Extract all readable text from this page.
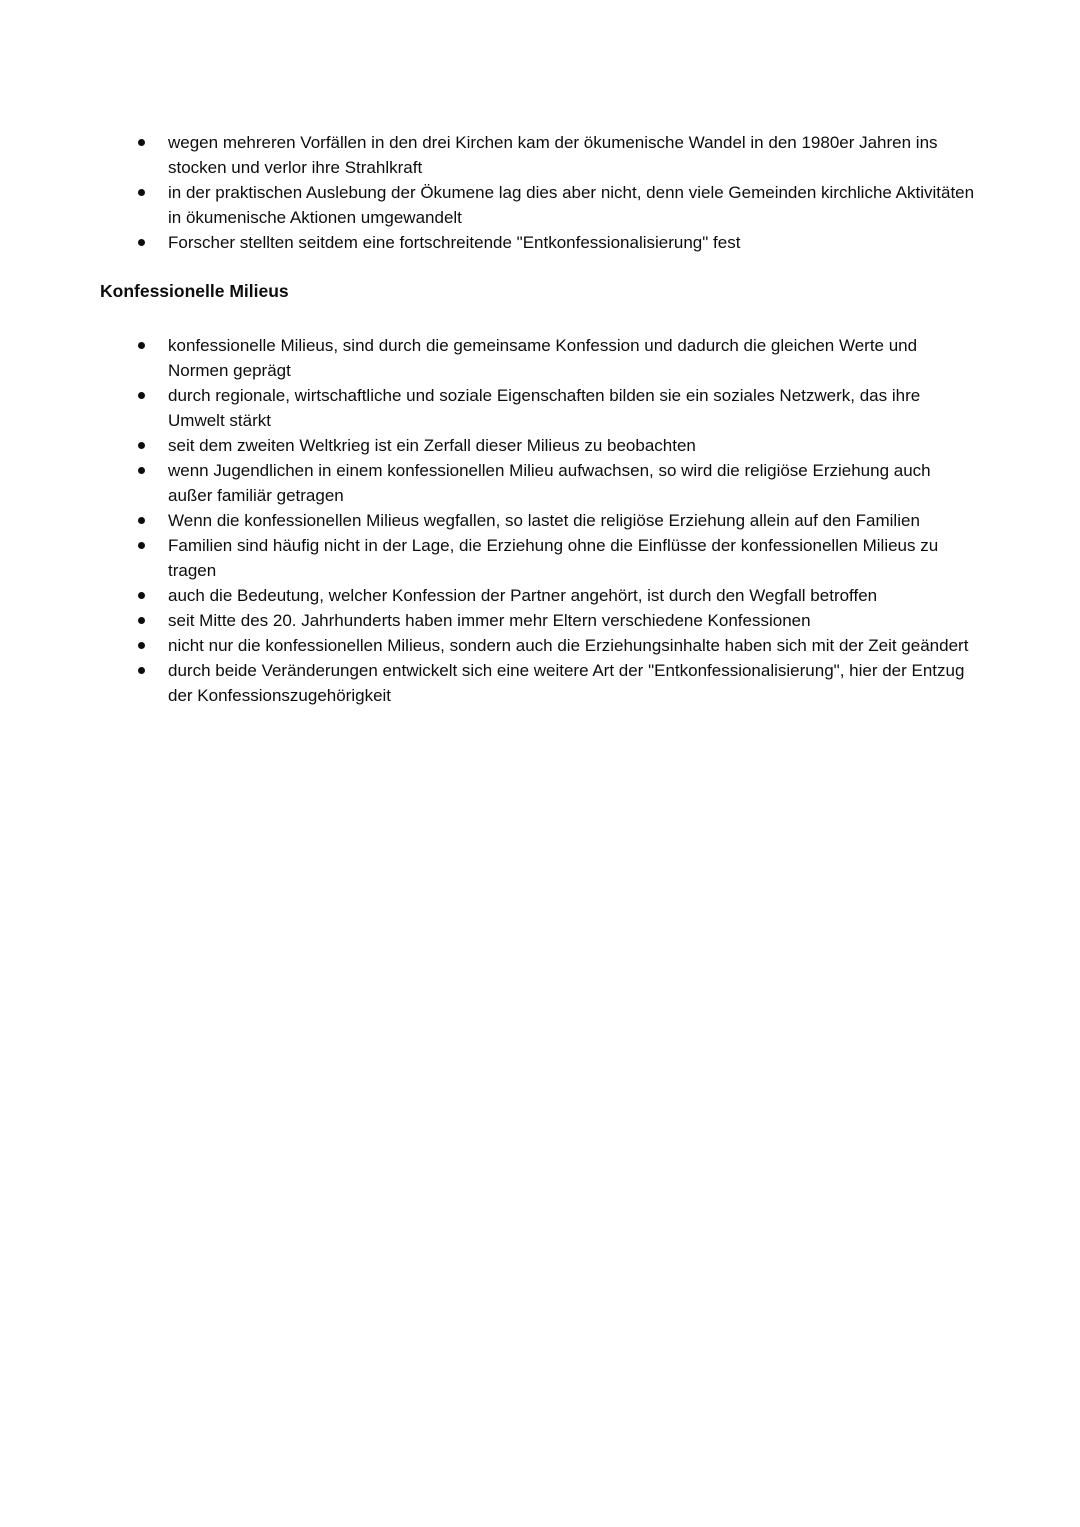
wegen mehreren Vorfällen in den drei Kirchen kam der ökumenische Wandel in den 1980er Jahren ins stocken und verlor ihre Strahlkraft
in der praktischen Auslebung der Ökumene lag dies aber nicht, denn viele Gemeinden kirchliche Aktivitäten in ökumenische Aktionen umgewandelt
Forscher stellten seitdem eine fortschreitende "Entkonfessionalisierung" fest
Konfessionelle Milieus
konfessionelle Milieus, sind durch die gemeinsame Konfession und dadurch die gleichen Werte und Normen geprägt
durch regionale, wirtschaftliche und soziale Eigenschaften bilden sie ein soziales Netzwerk, das ihre Umwelt stärkt
seit dem zweiten Weltkrieg ist ein Zerfall dieser Milieus zu beobachten
wenn Jugendlichen in einem konfessionellen Milieu aufwachsen, so wird die religiöse Erziehung auch außer familiär getragen
Wenn die konfessionellen Milieus wegfallen, so lastet die religiöse Erziehung allein auf den Familien
Familien sind häufig nicht in der Lage, die Erziehung ohne die Einflüsse der konfessionellen Milieus zu tragen
auch die Bedeutung, welcher Konfession der Partner angehört, ist durch den Wegfall betroffen
seit Mitte des 20. Jahrhunderts haben immer mehr Eltern verschiedene Konfessionen
nicht nur die konfessionellen Milieus, sondern auch die Erziehungsinhalte haben sich mit der Zeit geändert
durch beide Veränderungen entwickelt sich eine weitere Art der "Entkonfessionalisierung", hier der Entzug der Konfessionszugehörigkeit
